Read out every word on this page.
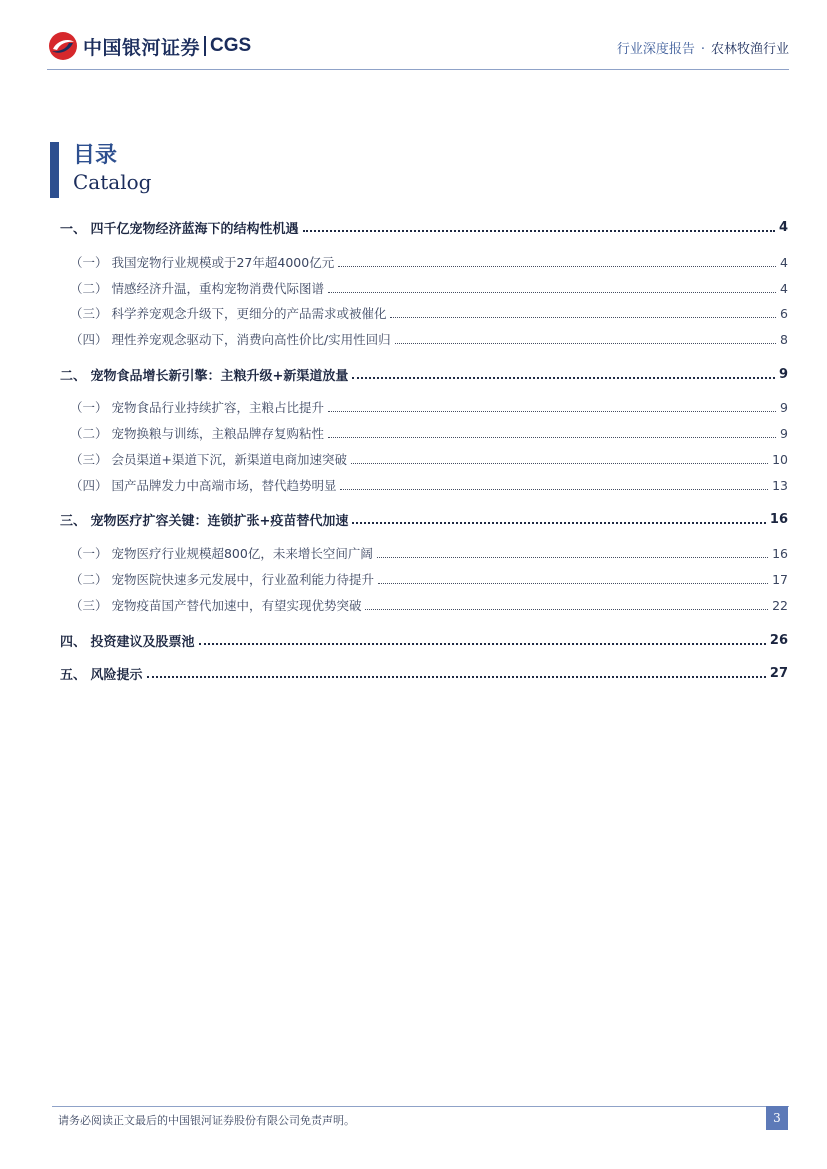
中国银河证券 CGS	行业深度报告 · 农林牧渔行业
目录
Catalog
一、 四千亿宠物经济蓝海下的结构性机遇	4
（一） 我国宠物行业规模或于27年超4000亿元	4
（二） 情感经济升温，重构宠物消费代际图谱	4
（三） 科学养宠观念升级下，更细分的产品需求或被催化	6
（四） 理性养宠观念驱动下，消费向高性价比/实用性回归	8
二、 宠物食品增长新引擎：主粮升级+新渠道放量	9
（一） 宠物食品行业持续扩容，主粮占比提升	9
（二） 宠物换粮与训练，主粮品牌存复购粘性	9
（三） 会员渠道+渠道下沉，新渠道电商加速突破	10
（四） 国产品牌发力中高端市场，替代趋势明显	13
三、 宠物医疗扩容关键：连锁扩张+疫苗替代加速	16
（一） 宠物医疗行业规模超800亿，未来增长空间广阔	16
（二） 宠物医院快速多元发展中，行业盈利能力待提升	17
（三） 宠物疫苗国产替代加速中，有望实现优势突破	22
四、 投资建议及股票池	26
五、 风险提示	27
请务必阅读正文最后的中国银河证券股份有限公司免责声明。	3
